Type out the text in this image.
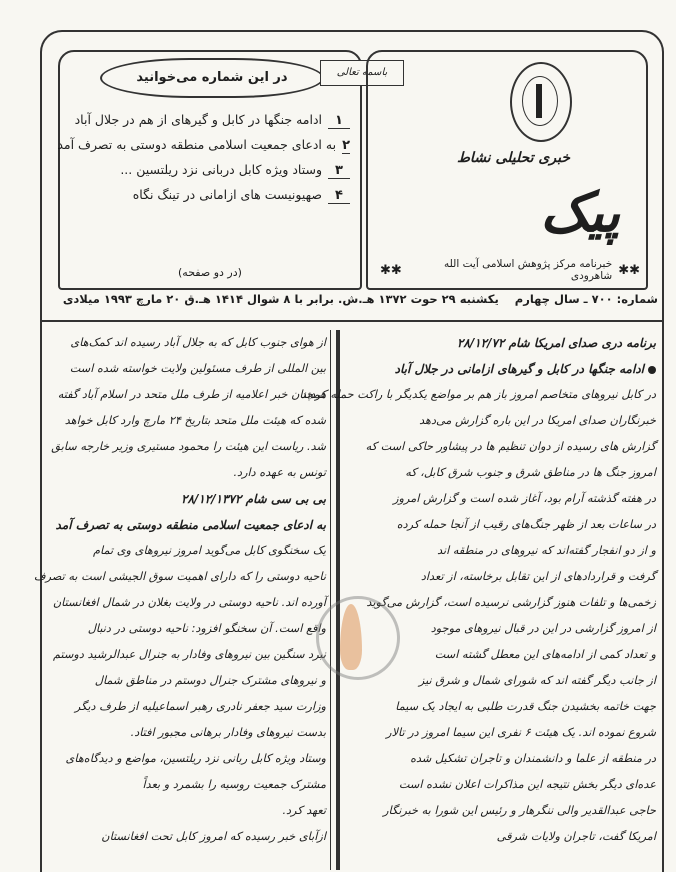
در این شماره می‌خوانید	باسمه تعالی
۱
ادامه جنگها در کابل و گیرهای از هم در جلال آباد
۲
به ادعای جمعیت اسلامی منطقه دوستی به تصرف آمد
۳
وستاد ویژه کابل دربانی نزد ریلتسین ...
۴
صهیونیست های ازامانی در تینگ نگاه
(در دو صفحه)
خبری تحلیلی نشاط
پیک
✱✱
خبرنامه مرکز پژوهش اسلامی آیت الله شاهرودی
✱✱
شماره: ۷۰۰ ـ سال چهارم    یکشنبه ۲۹ حوت ۱۳۷۲ هـ.ش. برابر با ۸ شوال ۱۴۱۴ هـ.ق ۲۰ مارچ ۱۹۹۳ میلادی
برنامه دری صدای امریکا شام ۲۸/۱۲/۷۲
ادامه جنگها در کابل و گیرهای ازامانی در جلال آباد
در کابل نیروهای متخاصم امروز باز هم بر مواضع یکدیگر با راکت حمله کردند
خبرنگاران صدای امریکا در این باره گزارش می‌دهد
گزارش های رسیده از دوان تنظیم ها در پیشاور حاکی است که
امروز جنگ ها در مناطق شرق و جنوب شرق کابل، که
در هفته گذشته آرام بود، آغاز شده است و گزارش امروز
در ساعات بعد از ظهر جنگ‌های رقیب از آنجا حمله کرده
و از دو انفجار گفته‌اند که نیروهای در منطقه اند
گرفت و قراردادهای از این تقابل برخاسته، از تعداد
زخمی‌ها و تلفات هنوز گزارشی نرسیده است، گزارش می‌گوید
از امروز گزارشی در این در قبال نیروهای موجود
و تعداد کمی از ادامه‌های این معطل گشته است
از جانب دیگر گفته‌ اند که شورای شمال و شرق نیز
جهت خاتمه بخشیدن جنگ قدرت طلبی به ایجاد یک سیما
شروع نموده اند. یک هیئت ۶ نفری این سیما امروز در تالار
در منطقه از علما و دانشمندان و تاجران تشکیل شده
عده‌ای دیگر بخش نتیجه این مذاکرات اعلان نشده است
حاجی عبدالقدیر والی ننگرهار و رئیس این شورا به خبرنگار
امریکا گفت، تاجران ولایات شرقی
از هوای جنوب کابل که به جلال آباد رسیده اند کمک‌های
بین المللی از طرف مسئولین ولایت خواسته شده است
همچنان خبر اعلامیه از طرف ملل متحد در اسلام آباد گفته
شده که هیئت ملل متحد بتاریخ ۲۴ مارچ وارد کابل خواهد
شد. ریاست این هیئت را محمود مستیری وزیر خارجه سابق
تونس به عهده دارد.
بی بی سی شام ۲۸/۱۲/۱۳۷۲
به ادعای جمعیت اسلامی منطقه دوستی به تصرف آمد
یک سخنگوی کابل می‌گوید امروز نیروهای وی تمام
ناحیه دوستی را که دارای اهمیت سوق الجیشی است به تصرف
آورده اند. ناحیه دوستی در ولایت بغلان در شمال افغانستان
واقع است. آن سخنگو افزود: ناحیه دوستی در دنبال
نبرد سنگین بین نیروهای وفادار به جنرال عبدالرشید دوستم
و نیروهای مشترک جنرال دوستم در مناطق شمال
وزارت سید جعفر نادری رهبر اسماعیلیه از طرف دیگر
بدست نیروهای وفادار برهانی مجبور افتاد.
وستاد ویژه کابل ربانی نزد ریلتسین، مواضع و دیدگاه‌های
مشترک جمعیت روسیه را بشمرد و بعداً
تعهد کرد.
ازآبای خبر رسیده که امروز کابل تحت افغانستان
